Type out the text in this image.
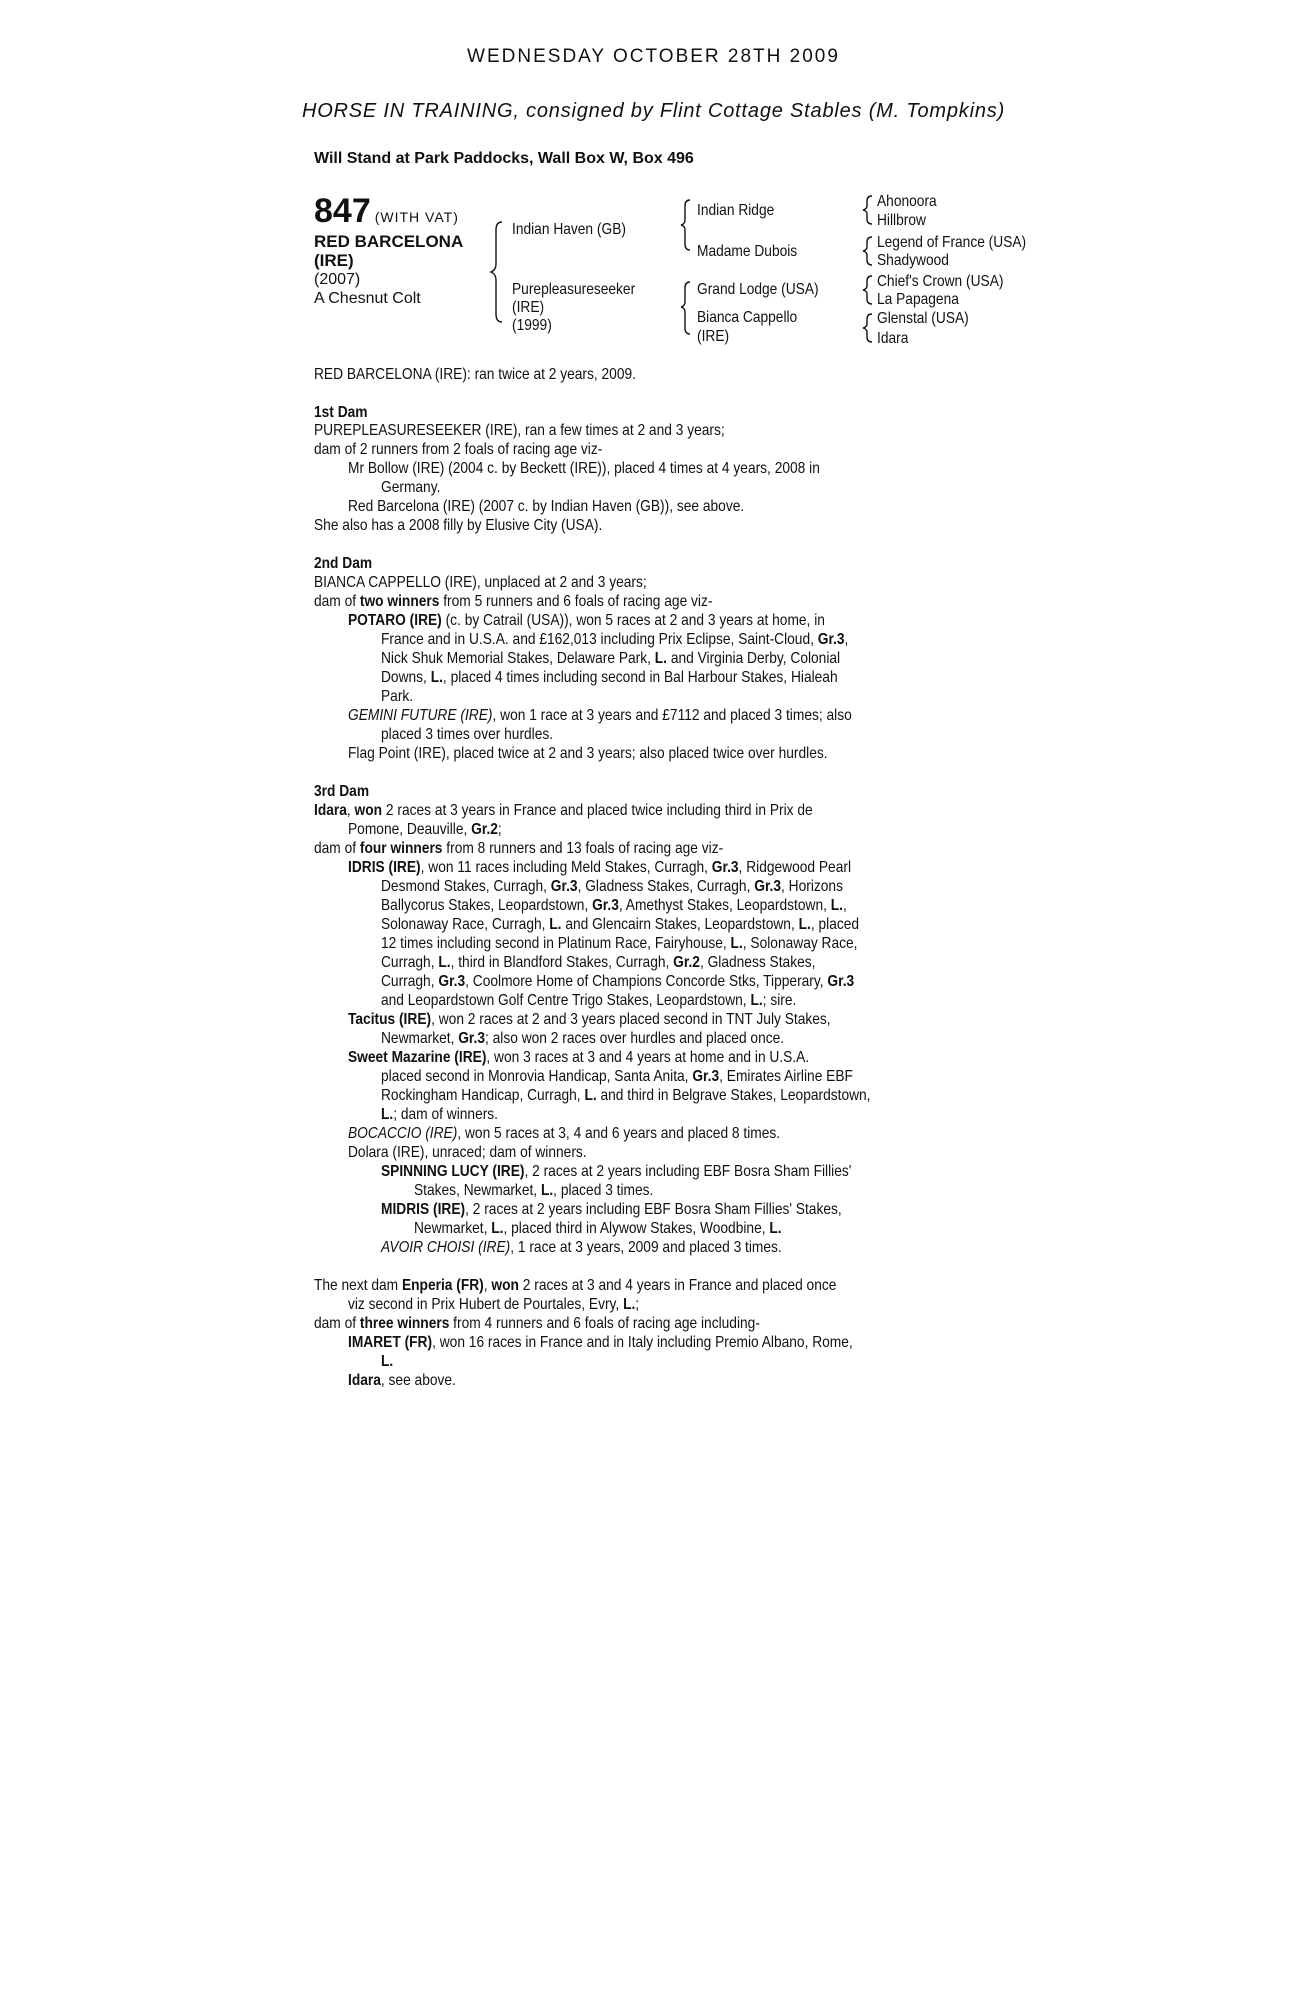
WEDNESDAY OCTOBER 28TH 2009
HORSE IN TRAINING, consigned by Flint Cottage Stables (M. Tompkins)
Will Stand at Park Paddocks, Wall Box W, Box 496
847 (WITH VAT)
RED BARCELONA
(IRE)
(2007)
A Chesnut Colt
Indian Haven (GB)
Purepleasureseeker
(IRE)
(1999)
Indian Ridge
Madame Dubois
Grand Lodge (USA)
Bianca Cappello
(IRE)
Ahonoora
Hillbrow
Legend of France (USA)
Shadywood
Chief's Crown (USA)
La Papagena
Glenstal (USA)
Idara
RED BARCELONA (IRE): ran twice at 2 years, 2009.
1st Dam
PUREPLEASURESEEKER (IRE), ran a few times at 2 and 3 years;
dam of 2 runners from 2 foals of racing age viz-
Mr Bollow (IRE) (2004 c. by Beckett (IRE)), placed 4 times at 4 years, 2008 in
Germany.
Red Barcelona (IRE) (2007 c. by Indian Haven (GB)), see above.
She also has a 2008 filly by Elusive City (USA).
2nd Dam
BIANCA CAPPELLO (IRE), unplaced at 2 and 3 years;
dam of two winners from 5 runners and 6 foals of racing age viz-
POTARO (IRE) (c. by Catrail (USA)), won 5 races at 2 and 3 years at home, in
France and in U.S.A. and £162,013 including Prix Eclipse, Saint-Cloud, Gr.3,
Nick Shuk Memorial Stakes, Delaware Park, L. and Virginia Derby, Colonial
Downs, L., placed 4 times including second in Bal Harbour Stakes, Hialeah
Park.
GEMINI FUTURE (IRE), won 1 race at 3 years and £7112 and placed 3 times; also
placed 3 times over hurdles.
Flag Point (IRE), placed twice at 2 and 3 years; also placed twice over hurdles.
3rd Dam
Idara, won 2 races at 3 years in France and placed twice including third in Prix de
Pomone, Deauville, Gr.2;
dam of four winners from 8 runners and 13 foals of racing age viz-
IDRIS (IRE), won 11 races including Meld Stakes, Curragh, Gr.3, Ridgewood Pearl
Desmond Stakes, Curragh, Gr.3, Gladness Stakes, Curragh, Gr.3, Horizons
Ballycorus Stakes, Leopardstown, Gr.3, Amethyst Stakes, Leopardstown, L.,
Solonaway Race, Curragh, L. and Glencairn Stakes, Leopardstown, L., placed
12 times including second in Platinum Race, Fairyhouse, L., Solonaway Race,
Curragh, L., third in Blandford Stakes, Curragh, Gr.2, Gladness Stakes,
Curragh, Gr.3, Coolmore Home of Champions Concorde Stks, Tipperary, Gr.3
and Leopardstown Golf Centre Trigo Stakes, Leopardstown, L.; sire.
Tacitus (IRE), won 2 races at 2 and 3 years placed second in TNT July Stakes,
Newmarket, Gr.3; also won 2 races over hurdles and placed once.
Sweet Mazarine (IRE), won 3 races at 3 and 4 years at home and in U.S.A.
placed second in Monrovia Handicap, Santa Anita, Gr.3, Emirates Airline EBF
Rockingham Handicap, Curragh, L. and third in Belgrave Stakes, Leopardstown,
L.; dam of winners.
BOCACCIO (IRE), won 5 races at 3, 4 and 6 years and placed 8 times.
Dolara (IRE), unraced; dam of winners.
SPINNING LUCY (IRE), 2 races at 2 years including EBF Bosra Sham Fillies'
Stakes, Newmarket, L., placed 3 times.
MIDRIS (IRE), 2 races at 2 years including EBF Bosra Sham Fillies' Stakes,
Newmarket, L., placed third in Alywow Stakes, Woodbine, L.
AVOIR CHOISI (IRE), 1 race at 3 years, 2009 and placed 3 times.
The next dam Enperia (FR), won 2 races at 3 and 4 years in France and placed once
viz second in Prix Hubert de Pourtales, Evry, L.;
dam of three winners from 4 runners and 6 foals of racing age including-
IMARET (FR), won 16 races in France and in Italy including Premio Albano, Rome,
L.
Idara, see above.
